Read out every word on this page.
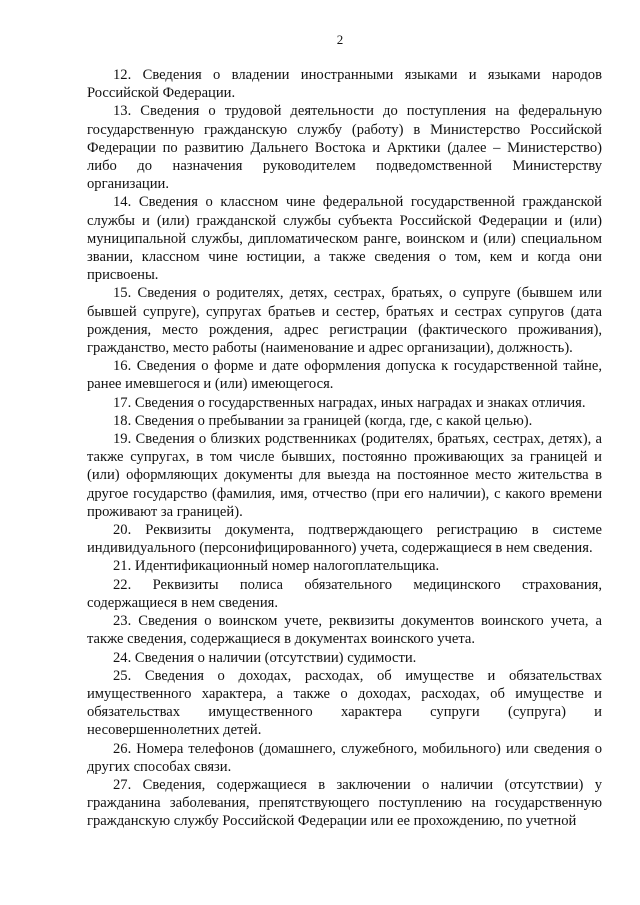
2

12. Сведения о владении иностранными языками и языками народов Российской Федерации.

13. Сведения о трудовой деятельности до поступления на федеральную государственную гражданскую службу (работу) в Министерство Российской Федерации по развитию Дальнего Востока и Арктики (далее – Министерство) либо до назначения руководителем подведомственной Министерству организации.

14. Сведения о классном чине федеральной государственной гражданской службы и (или) гражданской службы субъекта Российской Федерации и (или) муниципальной службы, дипломатическом ранге, воинском и (или) специальном звании, классном чине юстиции, а также сведения о том, кем и когда они присвоены.

15. Сведения о родителях, детях, сестрах, братьях, о супруге (бывшем или бывшей супруге), супругах братьев и сестер, братьях и сестрах супругов (дата рождения, место рождения, адрес регистрации (фактического проживания), гражданство, место работы (наименование и адрес организации), должность).

16. Сведения о форме и дате оформления допуска к государственной тайне, ранее имевшегося и (или) имеющегося.

17. Сведения о государственных наградах, иных наградах и знаках отличия.

18. Сведения о пребывании за границей (когда, где, с какой целью).

19. Сведения о близких родственниках (родителях, братьях, сестрах, детях), а также супругах, в том числе бывших, постоянно проживающих за границей и (или) оформляющих документы для выезда на постоянное место жительства в другое государство (фамилия, имя, отчество (при его наличии), с какого времени проживают за границей).

20. Реквизиты документа, подтверждающего регистрацию в системе индивидуального (персонифицированного) учета, содержащиеся в нем сведения.

21. Идентификационный номер налогоплательщика.

22. Реквизиты полиса обязательного медицинского страхования, содержащиеся в нем сведения.

23. Сведения о воинском учете, реквизиты документов воинского учета, а также сведения, содержащиеся в документах воинского учета.

24. Сведения о наличии (отсутствии) судимости.

25. Сведения о доходах, расходах, об имуществе и обязательствах имущественного характера, а также о доходах, расходах, об имуществе и обязательствах имущественного характера супруги (супруга) и несовершеннолетних детей.

26. Номера телефонов (домашнего, служебного, мобильного) или сведения о других способах связи.

27. Сведения, содержащиеся в заключении о наличии (отсутствии) у гражданина заболевания, препятствующего поступлению на государственную гражданскую службу Российской Федерации или ее прохождению, по учетной
